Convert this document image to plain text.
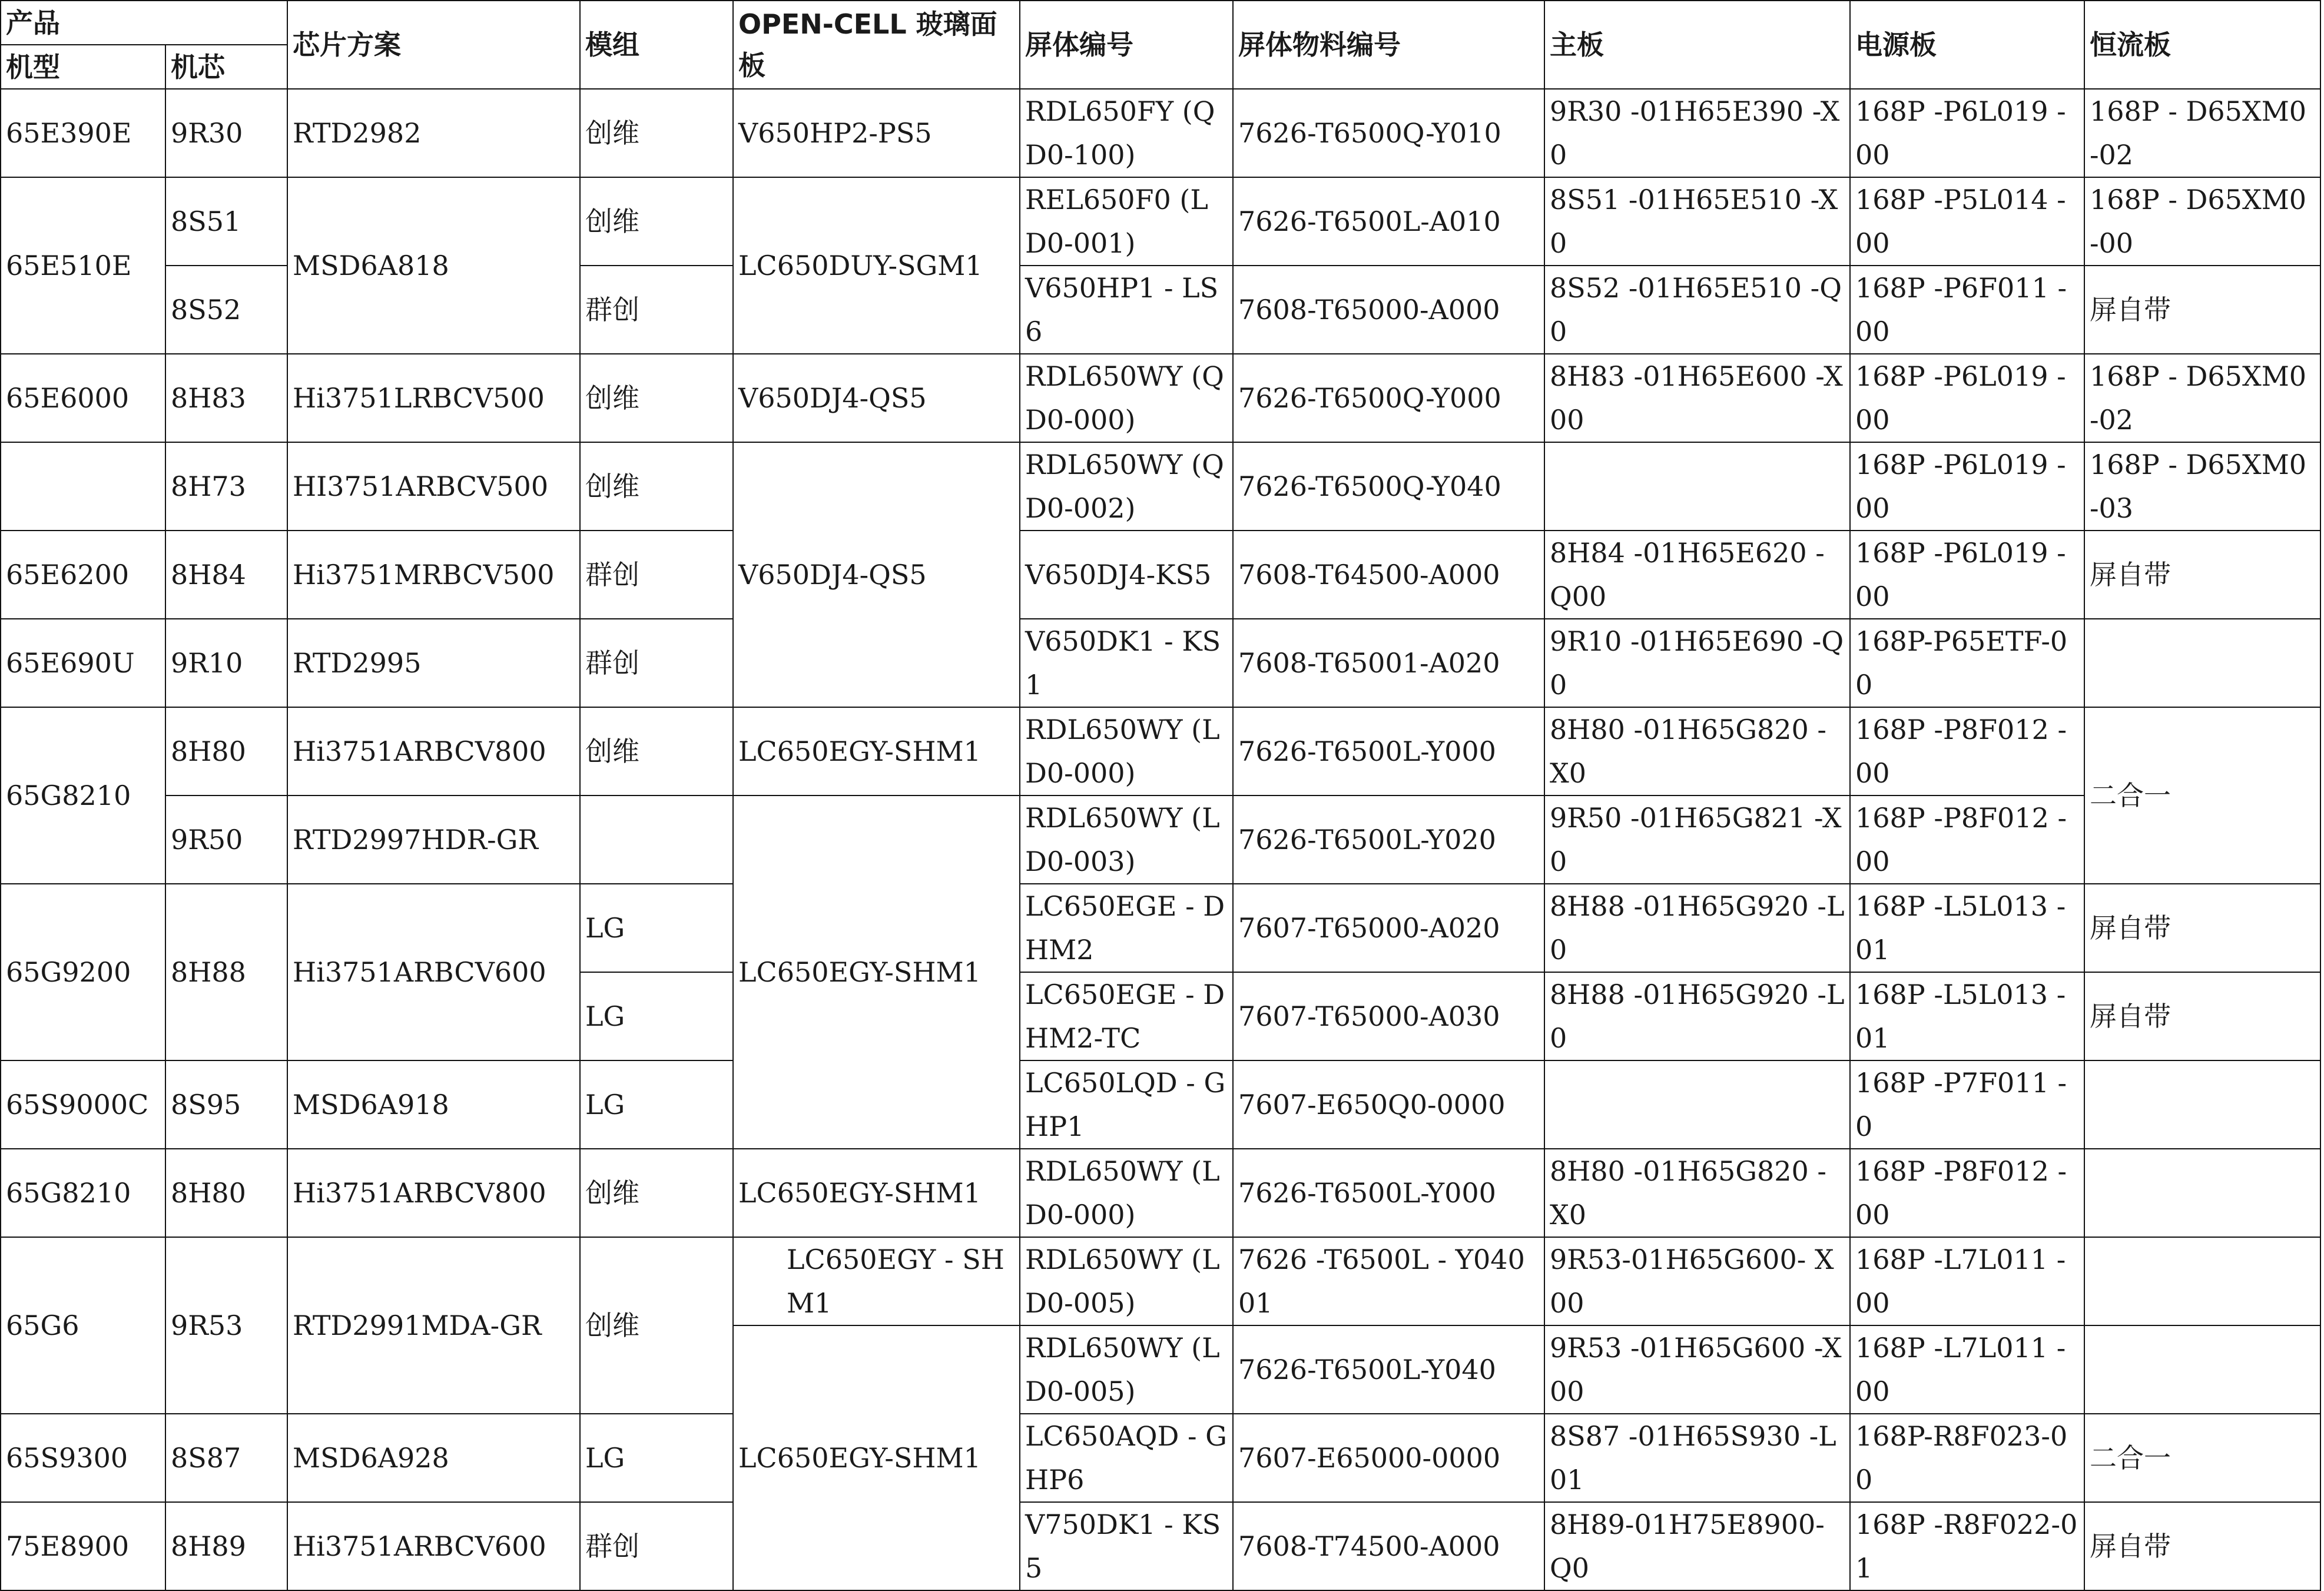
产品		芯片方案	模组	OPEN-CELL 玻璃面板	屏体编号	屏体物料编号	主板	电源板	恒流板
机型	机芯								
65E390E	9R30	RTD2982	创维	V650HP2-PS5	RDL650FY (QD0-100)	7626-T6500Q-Y010	9R30 -01H65E390 -X0	168P -P6L019 -00	168P - D65XM0-02
65E510E	8S51	MSD6A818	创维	LC650DUY-SGM1	REL650F0 (LD0-001)	7626-T6500L-A010	8S51 -01H65E510 -X0	168P -P5L014 -00	168P - D65XM0-00
	8S52		群创		V650HP1 - LS6	7608-T65000-A000	8S52 -01H65E510 -Q0	168P -P6F011 -00	屏自带
65E6000	8H83	Hi3751LRBCV500	创维	V650DJ4-QS5	RDL650WY (QD0-000)	7626-T6500Q-Y000	8H83 -01H65E600 -X00	168P -P6L019 -00	168P - D65XM0-02
	8H73	HI3751ARBCV500	创维	V650DJ4-QS5	RDL650WY (QD0-002)	7626-T6500Q-Y040		168P -P6L019 -00	168P - D65XM0-03
65E6200	8H84	Hi3751MRBCV500	群创		V650DJ4-KS5	7608-T64500-A000	8H84 -01H65E620 -Q00	168P -P6L019 -00	屏自带
65E690U	9R10	RTD2995	群创		V650DK1 - KS1	7608-T65001-A020	9R10 -01H65E690 -Q0	168P-P65ETF-00	
65G8210	8H80	Hi3751ARBCV800	创维	LC650EGY-SHM1	RDL650WY (LD0-000)	7626-T6500L-Y000	8H80 -01H65G820 -X0	168P -P8F012 -00	二合一
	9R50	RTD2997HDR-GR		LC650EGY-SHM1	RDL650WY (LD0-003)	7626-T6500L-Y020	9R50 -01H65G821 -X0	168P -P8F012 -00	
65G9200	8H88	Hi3751ARBCV600	LG		LC650EGE - DHM2	7607-T65000-A020	8H88 -01H65G920 -L0	168P -L5L013 -01	屏自带
			LG		LC650EGE - DHM2-TC	7607-T65000-A030	8H88 -01H65G920 -L0	168P -L5L013 -01	屏自带
65S9000C	8S95	MSD6A918	LG		LC650LQD - GHP1	7607-E650Q0-0000		168P -P7F011 -0	
65G8210	8H80	Hi3751ARBCV800	创维	LC650EGY-SHM1	RDL650WY (LD0-000)	7626-T6500L-Y000	8H80 -01H65G820 -X0	168P -P8F012 -00	
65G6	9R53	RTD2991MDA-GR	创维	LC650EGY - SHM1	RDL650WY (LD0-005)	7626 -T6500L - Y04001	9R53-01H65G600- X00	168P -L7L011 -00	
				LC650EGY-SHM1	RDL650WY (LD0-005)	7626-T6500L-Y040	9R53 -01H65G600 -X00	168P -L7L011 -00	
65S9300	8S87	MSD6A928	LG		LC650AQD - GHP6	7607-E65000-0000	8S87 -01H65S930 -L01	168P-R8F023-00	二合一
75E8900	8H89	Hi3751ARBCV600	群创		V750DK1 - KS5	7608-T74500-A000	8H89-01H75E8900-Q0	168P -R8F022-01	屏自带
